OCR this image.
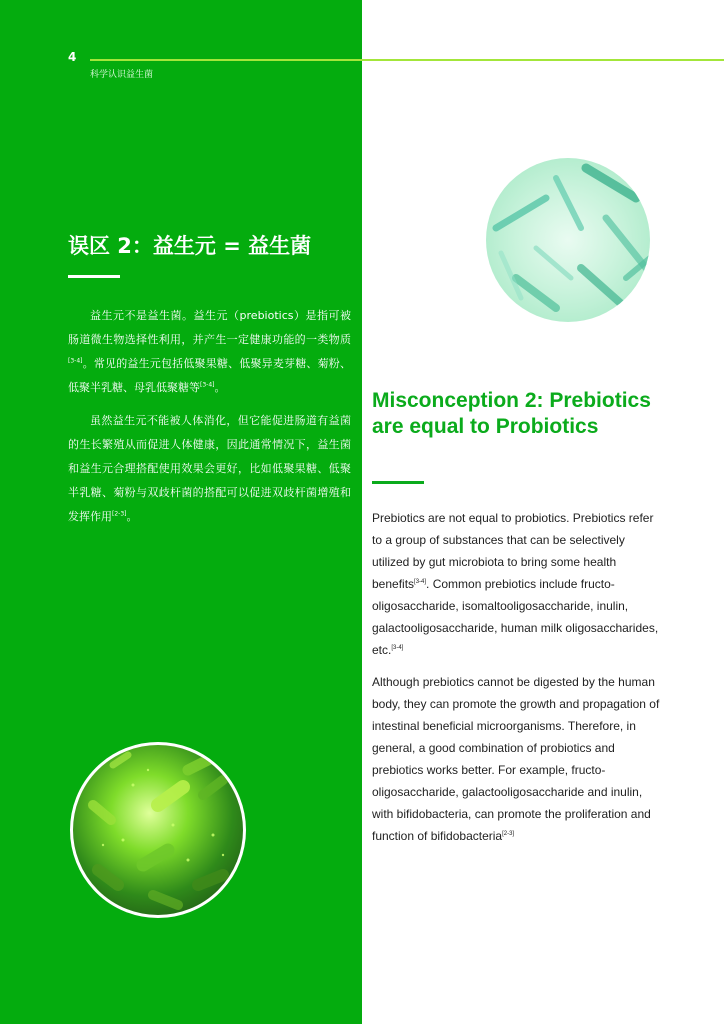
4
科学认识益生菌
误区 2：益生元 = 益生菌

益生元不是益生菌。益生元（prebiotics）是指可被肠道微生物选择性利用，并产生一定健康功能的一类物质[3-4]。常见的益生元包括低聚果糖、低聚异麦芽糖、菊粉、低聚半乳糖、母乳低聚糖等[3-4]。

虽然益生元不能被人体消化，但它能促进肠道有益菌的生长繁殖从而促进人体健康，因此通常情况下，益生菌和益生元合理搭配使用效果会更好，比如低聚果糖、低聚半乳糖、菊粉与双歧杆菌的搭配可以促进双歧杆菌增殖和发挥作用[2-3]。

Misconception 2: Prebiotics are equal to Probiotics

Prebiotics are not equal to probiotics. Prebiotics refer to a group of substances that can be selectively utilized by gut microbiota to bring some health benefits[3-4]. Common prebiotics include fructo-oligosaccharide, isomaltooligosaccharide, inulin, galactooligosaccharide, human milk oligosaccharides, etc.[3-4]

Although prebiotics cannot be digested by the human body, they can promote the growth and propagation of intestinal beneficial microorganisms. Therefore, in general, a good combination of probiotics and prebiotics works better. For example, fructo-oligosaccharide, galactooligosaccharide and inulin, with bifidobacteria, can promote the proliferation and function of bifidobacteria[2-3]
